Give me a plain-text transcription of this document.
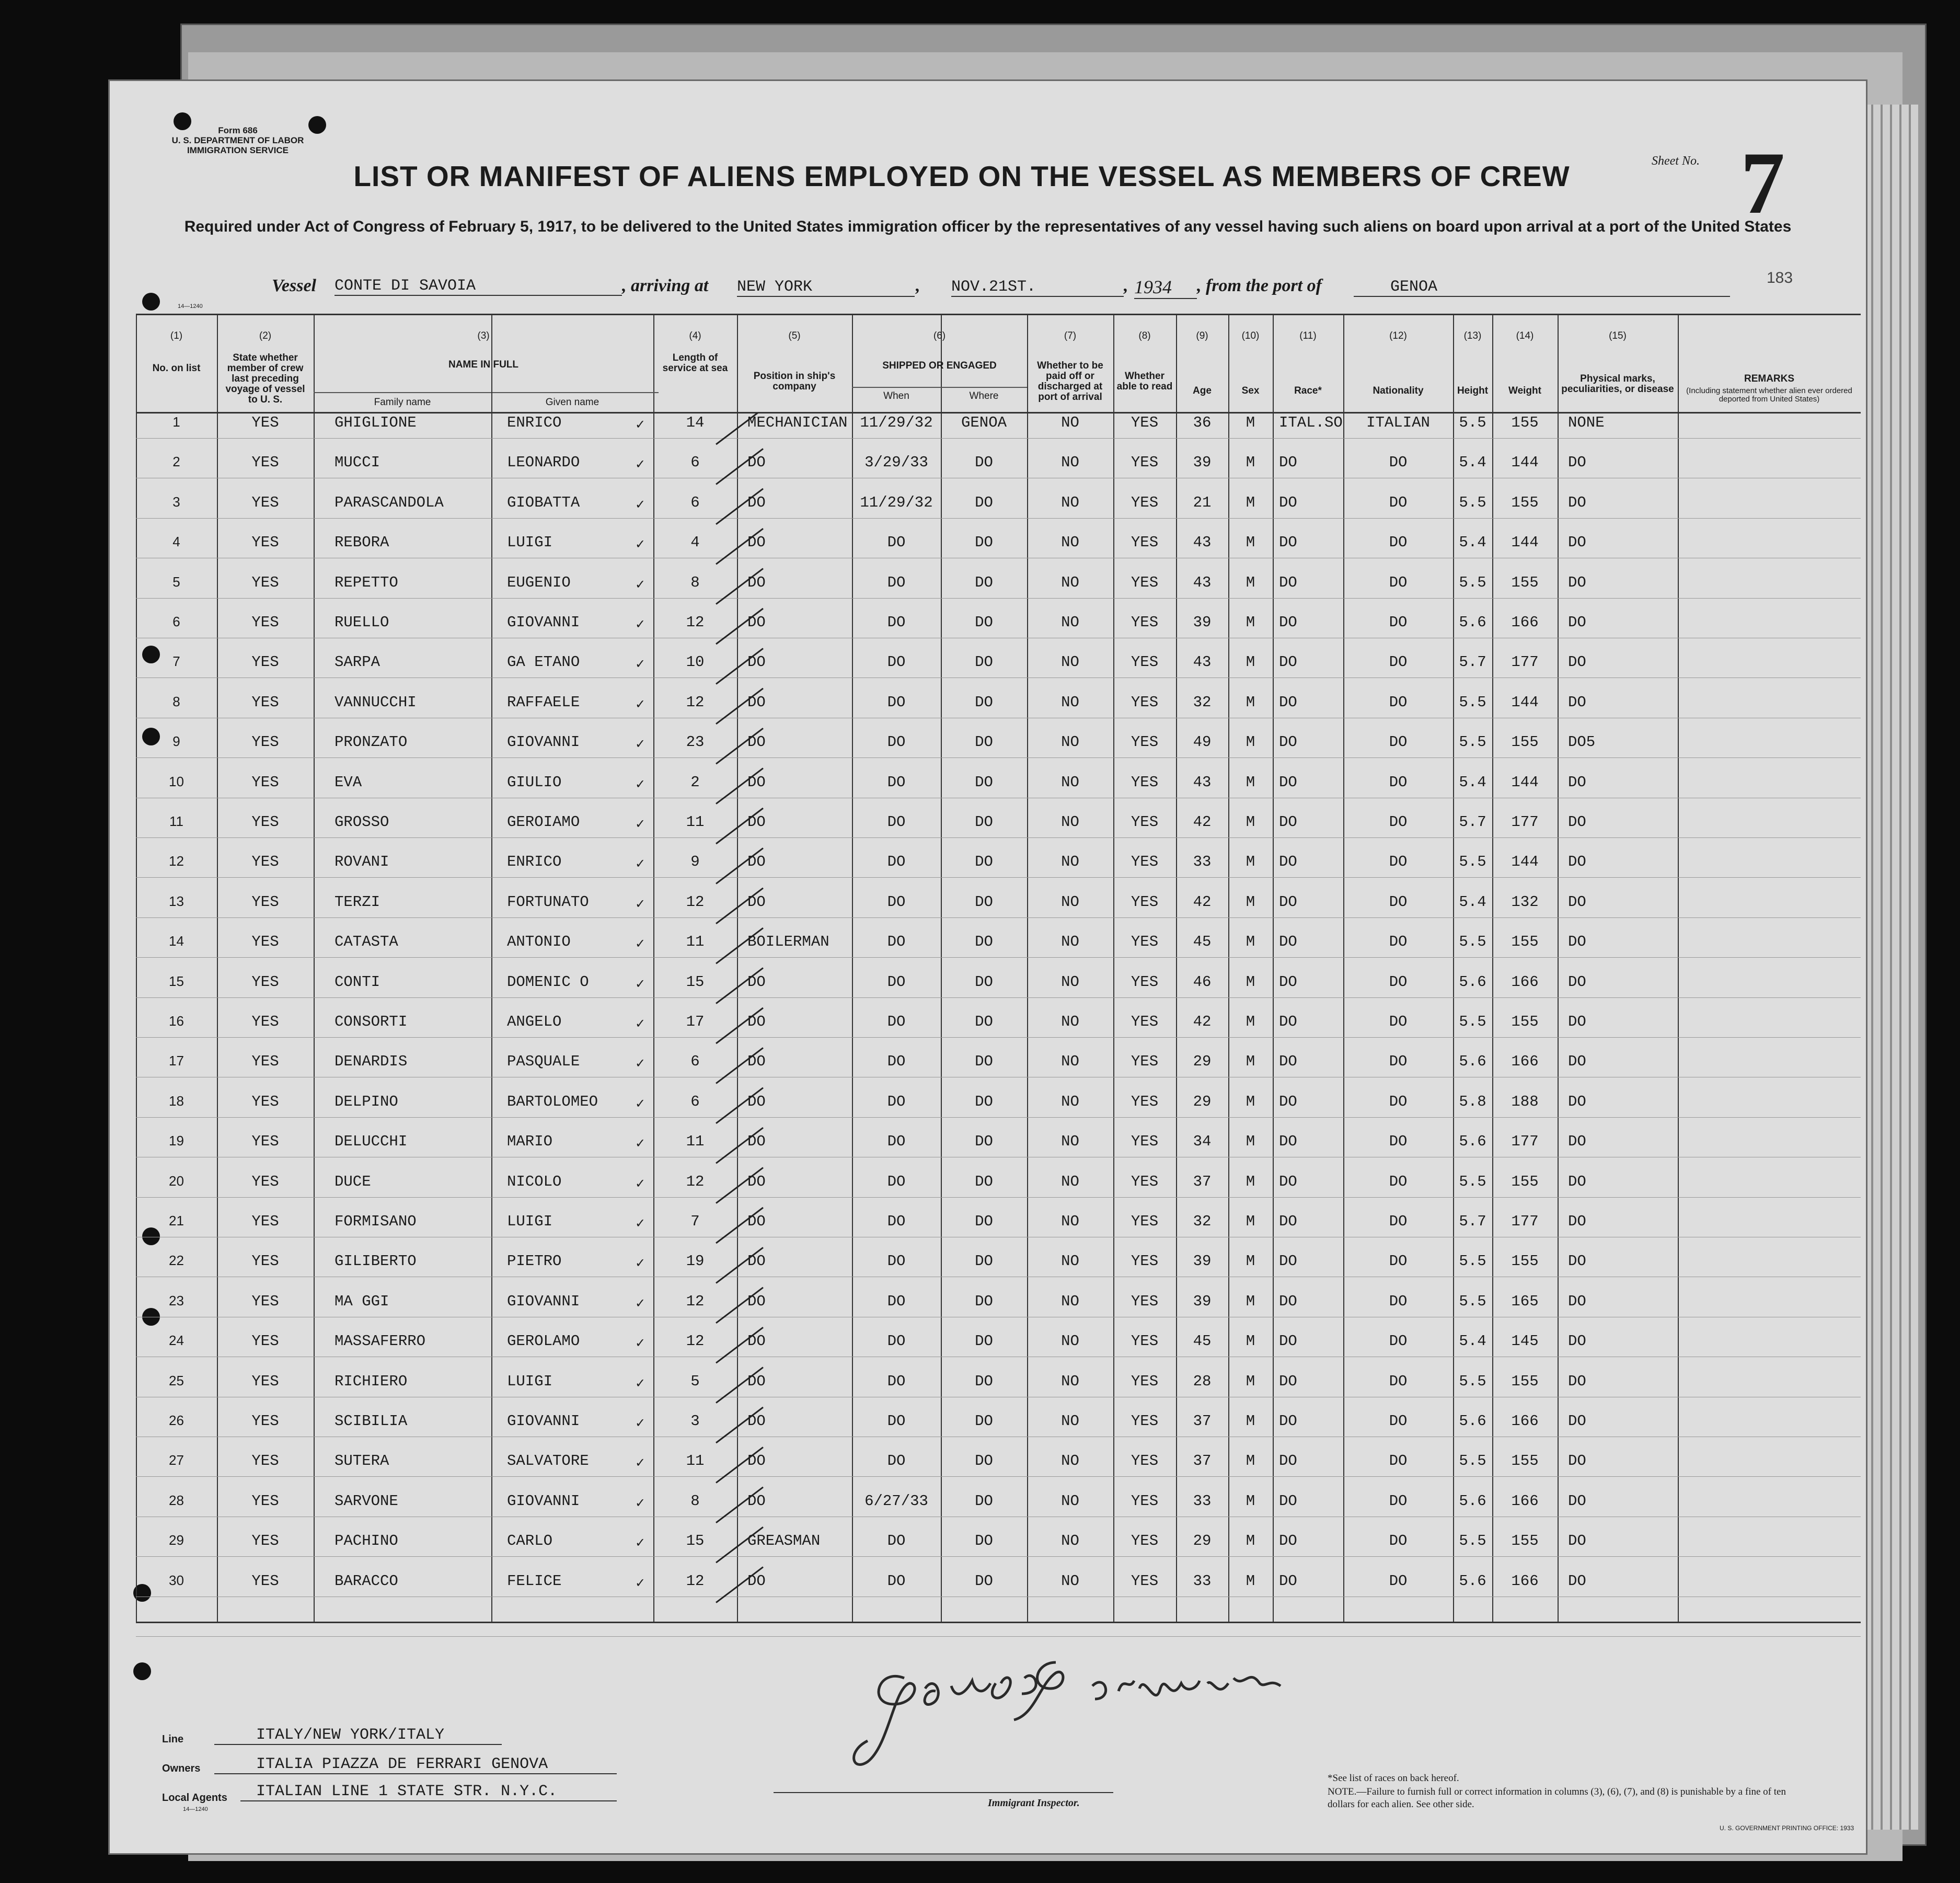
Form 686
U. S. DEPARTMENT OF LABOR
IMMIGRATION SERVICE
LIST OR MANIFEST OF ALIENS EMPLOYED ON THE VESSEL AS MEMBERS OF CREW
Required under Act of Congress of February 5, 1917, to be delivered to the United States immigration officer by the representatives of any vessel having such aliens on board upon arrival at a port of the United States
Sheet No. 7
183
Vessel CONTE DI SAVOIA	, arriving at NEW YORK	, NOV.21ST.	, 1934	, from the port of	GENOA
14—1240
(1)	(2)	(3)	(4)	(5)	(6)	(7)	(8)	(9)	(10)	(11)	(12)	(13)	(14)	(15)
No. on list
State whether member of crew last preceding voyage of vessel to U. S.
NAME IN FULL
Family name	Given name
Length of service at sea
Position in ship's company
SHIPPED OR ENGAGED
When	Where
Whether to be paid off or discharged at port of arrival
Whether able to read	Age	Sex	Race*	Nationality	Height	Weight
Physical marks, peculiarities, or disease
REMARKS
(Including statement whether alien ever ordered deported from United States)
1	YES	GHIGLIONE	ENRICO	14	MECHANICIAN 11/29/32	GENOA	NO	YES	36	M	ITAL.SO	ITALIAN	5.5	155	NONE
✓
2	YES	MUCCI	LEONARDO	6	DO	3/29/33	DO	NO	YES	39	M	DO	DO	5.4	144	DO
✓
3	YES	PARASCANDOLA	GIOBATTA	6	DO	11/29/32	DO	NO	YES	21	M	DO	DO	5.5	155	DO
✓
4	YES	REBORA	LUIGI	4	DO	DO	DO	NO	YES	43	M	DO	DO	5.4	144	DO
✓
5	YES	REPETTO	EUGENIO	8	DO	DO	DO	NO	YES	43	M	DO	DO	5.5	155	DO
✓
6	YES	RUELLO	GIOVANNI	12	DO	DO	DO	NO	YES	39	M	DO	DO	5.6	166	DO
✓
7	YES	SARPA	GA ETANO	10	DO	DO	DO	NO	YES	43	M	DO	DO	5.7	177	DO
✓
8	YES	VANNUCCHI	RAFFAELE	12	DO	DO	DO	NO	YES	32	M	DO	DO	5.5	144	DO
✓
9	YES	PRONZATO	GIOVANNI	23	DO	DO	DO	NO	YES	49	M	DO	DO	5.5	155	DO5
✓
10	YES	EVA	GIULIO	2	DO	DO	DO	NO	YES	43	M	DO	DO	5.4	144	DO
✓
11	YES	GROSSO	GEROIAMO	11	DO	DO	DO	NO	YES	42	M	DO	DO	5.7	177	DO
✓
12	YES	ROVANI	ENRICO	9	DO	DO	DO	NO	YES	33	M	DO	DO	5.5	144	DO
✓
13	YES	TERZI	FORTUNATO	12	DO	DO	DO	NO	YES	42	M	DO	DO	5.4	132	DO
✓
14	YES	CATASTA	ANTONIO	11	BOILERMAN	DO	DO	NO	YES	45	M	DO	DO	5.5	155	DO
✓
15	YES	CONTI	DOMENIC O	15	DO	DO	DO	NO	YES	46	M	DO	DO	5.6	166	DO
✓
16	YES	CONSORTI	ANGELO	17	DO	DO	DO	NO	YES	42	M	DO	DO	5.5	155	DO
✓
17	YES	DENARDIS	PASQUALE	6	DO	DO	DO	NO	YES	29	M	DO	DO	5.6	166	DO
✓
18	YES	DELPINO	BARTOLOMEO	6	DO	DO	DO	NO	YES	29	M	DO	DO	5.8	188	DO
✓
19	YES	DELUCCHI	MARIO	11	DO	DO	DO	NO	YES	34	M	DO	DO	5.6	177	DO
✓
20	YES	DUCE	NICOLO	12	DO	DO	DO	NO	YES	37	M	DO	DO	5.5	155	DO
✓
21	YES	FORMISANO	LUIGI	7	DO	DO	DO	NO	YES	32	M	DO	DO	5.7	177	DO
✓
22	YES	GILIBERTO	PIETRO	19	DO	DO	DO	NO	YES	39	M	DO	DO	5.5	155	DO
✓
23	YES	MA GGI	GIOVANNI	12	DO	DO	DO	NO	YES	39	M	DO	DO	5.5	165	DO
✓
24	YES	MASSAFERRO	GEROLAMO	12	DO	DO	DO	NO	YES	45	M	DO	DO	5.4	145	DO
✓
25	YES	RICHIERO	LUIGI	5	DO	DO	DO	NO	YES	28	M	DO	DO	5.5	155	DO
✓
26	YES	SCIBILIA	GIOVANNI	3	DO	DO	DO	NO	YES	37	M	DO	DO	5.6	166	DO
✓
27	YES	SUTERA	SALVATORE	11	DO	DO	DO	NO	YES	37	M	DO	DO	5.5	155	DO
✓
28	YES	SARVONE	GIOVANNI	8	DO	6/27/33	DO	NO	YES	33	M	DO	DO	5.6	166	DO
✓
29	YES	PACHINO	CARLO	15	GREASMAN	DO	DO	NO	YES	29	M	DO	DO	5.5	155	DO
✓
30	YES	BARACCO	FELICE	12	DO	DO	DO	NO	YES	33	M	DO	DO	5.6	166	DO
✓
Line	ITALY/NEW YORK/ITALY
Owners	ITALIA PIAZZA DE FERRARI GENOVA
Local Agents	ITALIAN LINE 1 STATE STR. N.Y.C.
14—1240
Immigrant Inspector.
*See list of races on back hereof.
NOTE.—Failure to furnish full or correct information in columns (3), (6), (7), and (8) is punishable by a fine of ten dollars for each alien. See other side.
U. S. GOVERNMENT PRINTING OFFICE: 1933
